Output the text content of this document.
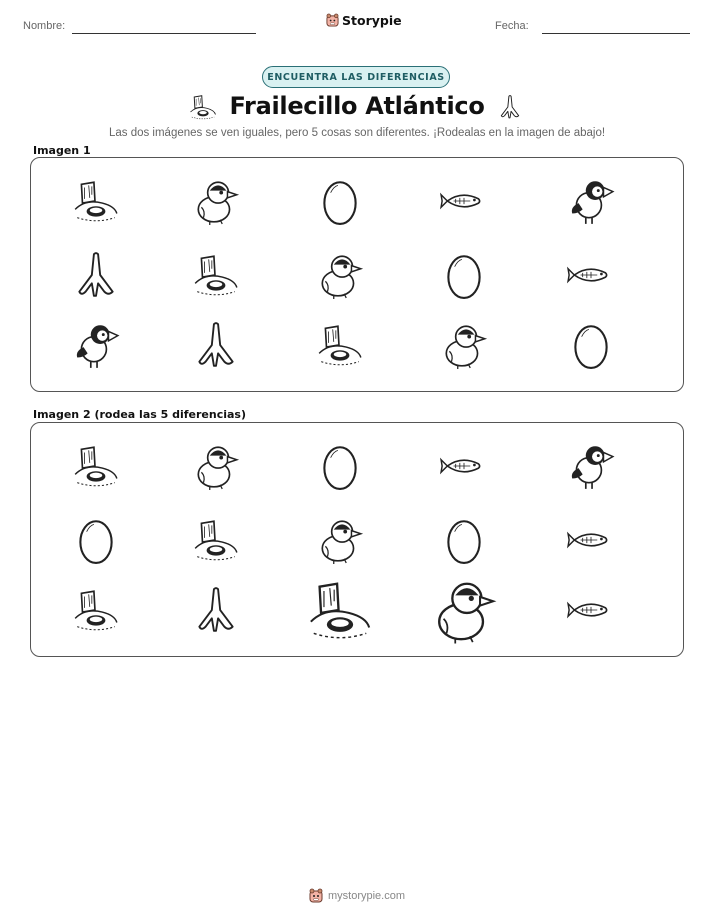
Nombre:	Storypie	Fecha:
ENCUENTRA LAS DIFERENCIAS
Frailecillo Atlántico
Las dos imágenes se ven iguales, pero 5 cosas son diferentes. ¡Rodealas en la imagen de abajo!
Imagen 1
Imagen 2 (rodea las 5 diferencias)
mystorypie.com
